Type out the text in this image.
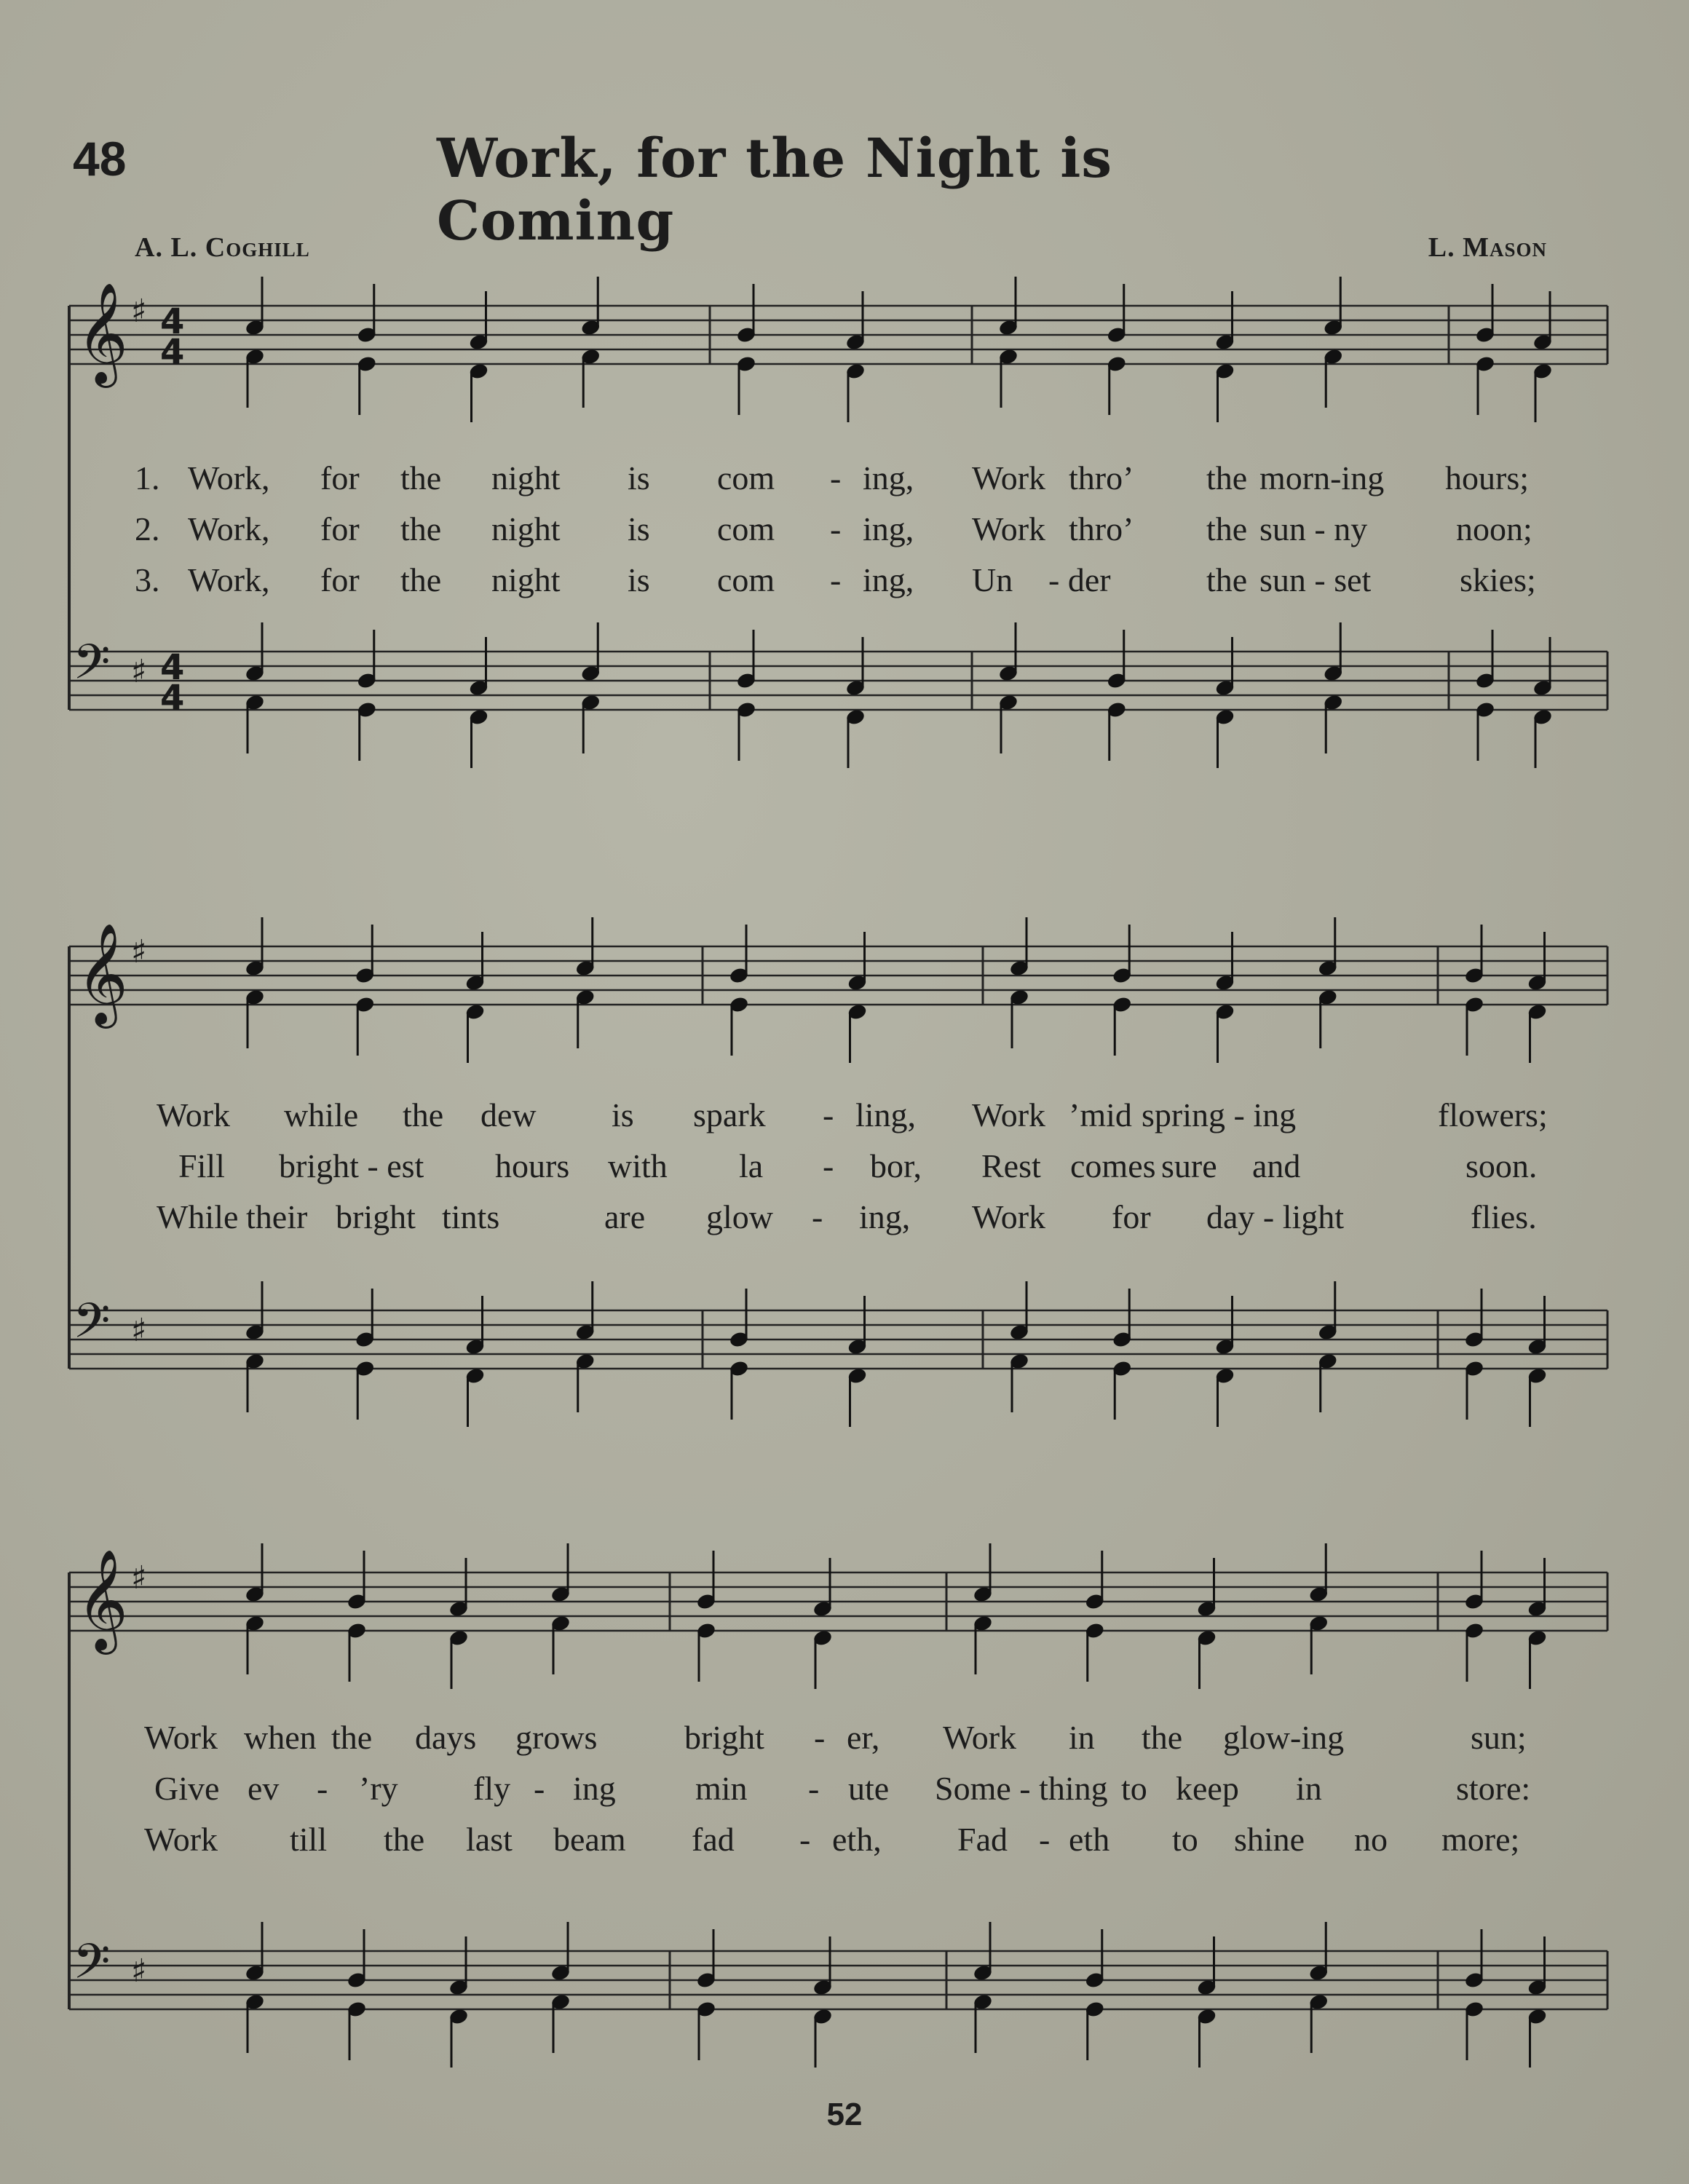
48	Work, for the Night is Coming
A. L. Coghill	L. Mason
𝄞 ♯ 4
4
𝄢 ♯ 4
4
1. Work, for the night is com - ing, Work thro’ the morn-ing hours;
2. Work, for the night is com - ing, Work thro’ the sun - ny	noon;
3. Work, for the night is com - ing, Un - der	the sun - set	skies;
𝄞 ♯
𝄢 ♯
Work while the dew is spark - ling, Work ’mid spring - ing	flowers;
Fill bright - est hours with la - bor, Rest comes sure and	soon.
While their bright tints	are glow - ing, Work for day - light	flies.
𝄞 ♯
𝄢 ♯
Work when the days grows	bright - er, Work in the glow-ing	sun;
Give ev - ’ry fly - ing min - ute Some - thing to keep in	store:
Work till the last beam fad - eth, Fad - eth to shine no more;
52
